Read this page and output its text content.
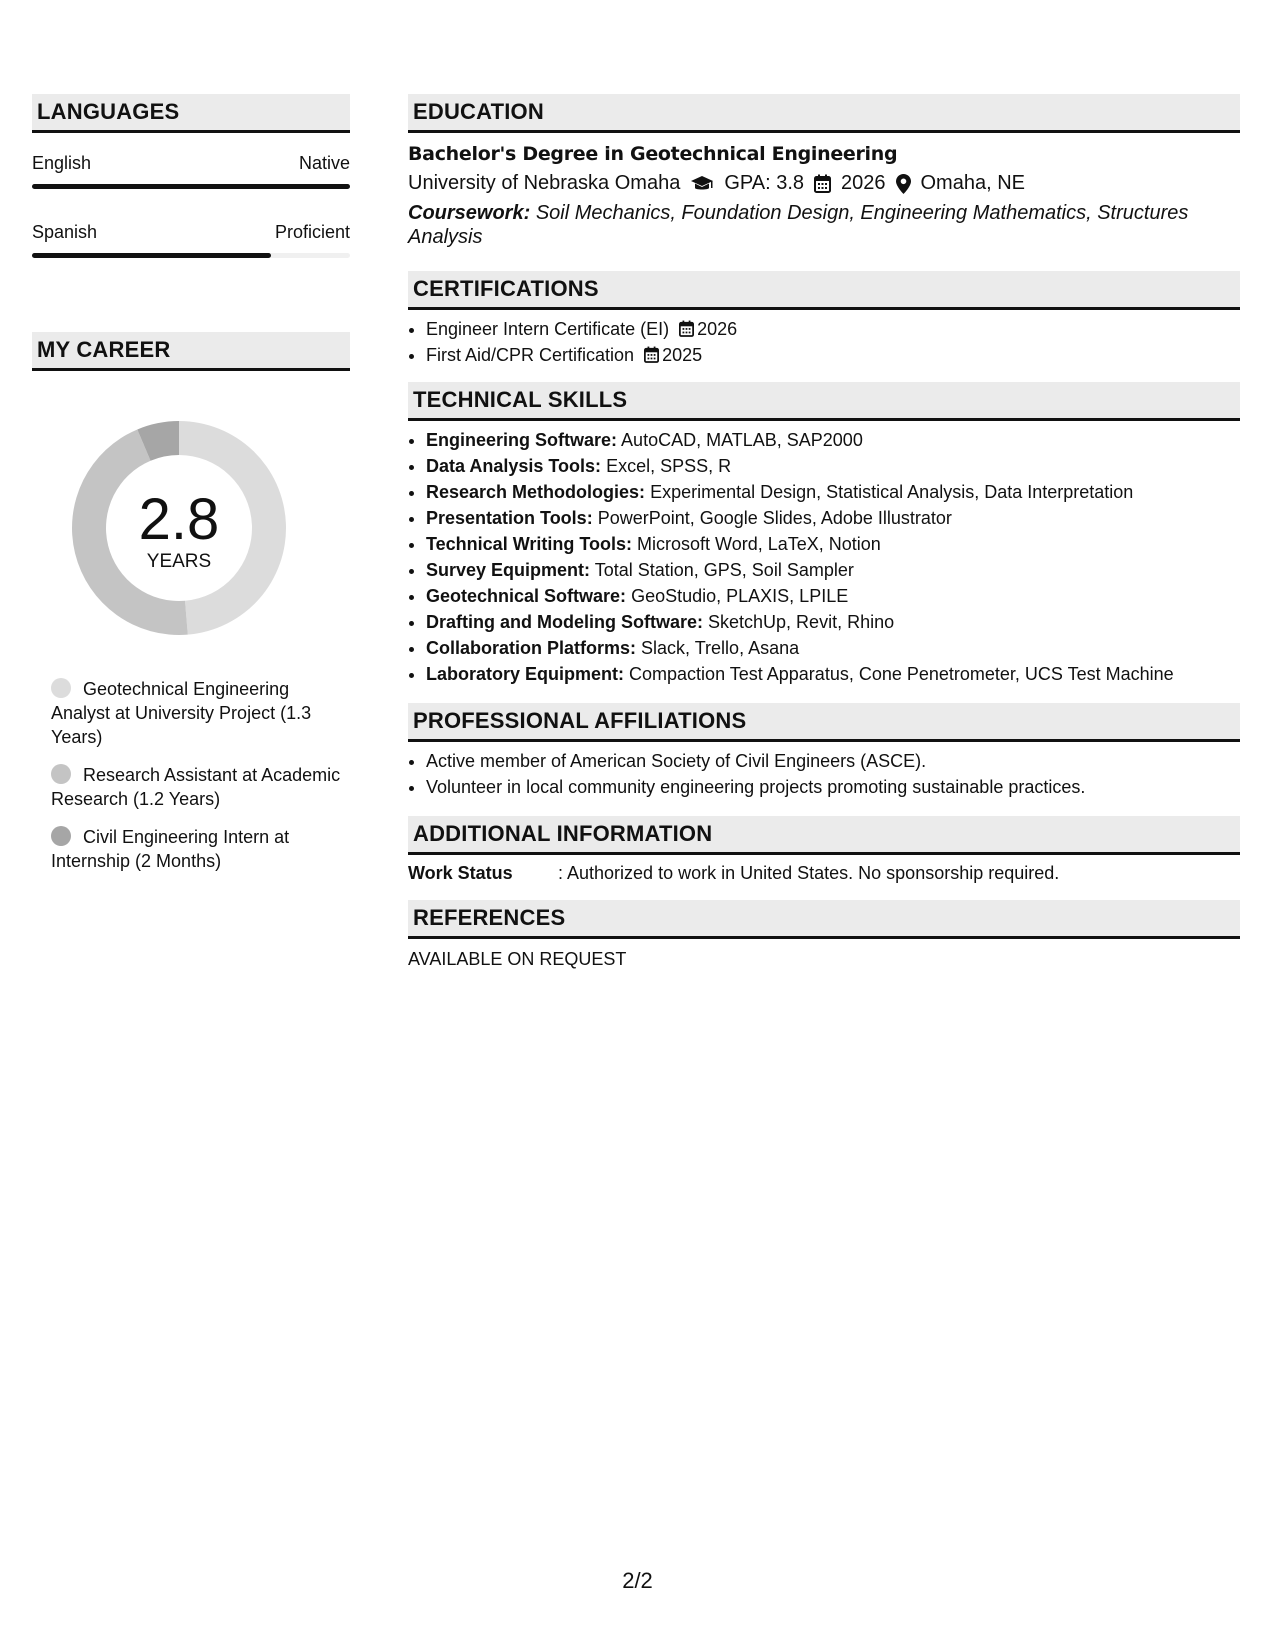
LANGUAGES
English	Native
Spanish	Proficient
MY CAREER
2.8
YEARS
Geotechnical Engineering Analyst at University Project (1.3 Years)
Research Assistant at Academic Research (1.2 Years)
Civil Engineering Intern at Internship (2 Months)
EDUCATION
Bachelor's Degree in Geotechnical Engineering
University of Nebraska Omaha GPA: 3.8 2026 Omaha, NE
Coursework: Soil Mechanics, Foundation Design, Engineering Mathematics, Structures Analysis
CERTIFICATIONS
• Engineer Intern Certificate (EI) 2026
• First Aid/CPR Certification 2025
TECHNICAL SKILLS
• Engineering Software: AutoCAD, MATLAB, SAP2000
• Data Analysis Tools: Excel, SPSS, R
• Research Methodologies: Experimental Design, Statistical Analysis, Data Interpretation
• Presentation Tools: PowerPoint, Google Slides, Adobe Illustrator
• Technical Writing Tools: Microsoft Word, LaTeX, Notion
• Survey Equipment: Total Station, GPS, Soil Sampler
• Geotechnical Software: GeoStudio, PLAXIS, LPILE
• Drafting and Modeling Software: SketchUp, Revit, Rhino
• Collaboration Platforms: Slack, Trello, Asana
• Laboratory Equipment: Compaction Test Apparatus, Cone Penetrometer, UCS Test Machine
PROFESSIONAL AFFILIATIONS
• Active member of American Society of Civil Engineers (ASCE).
• Volunteer in local community engineering projects promoting sustainable practices.
ADDITIONAL INFORMATION
Work Status	: Authorized to work in United States. No sponsorship required.
REFERENCES
AVAILABLE ON REQUEST
2/2
